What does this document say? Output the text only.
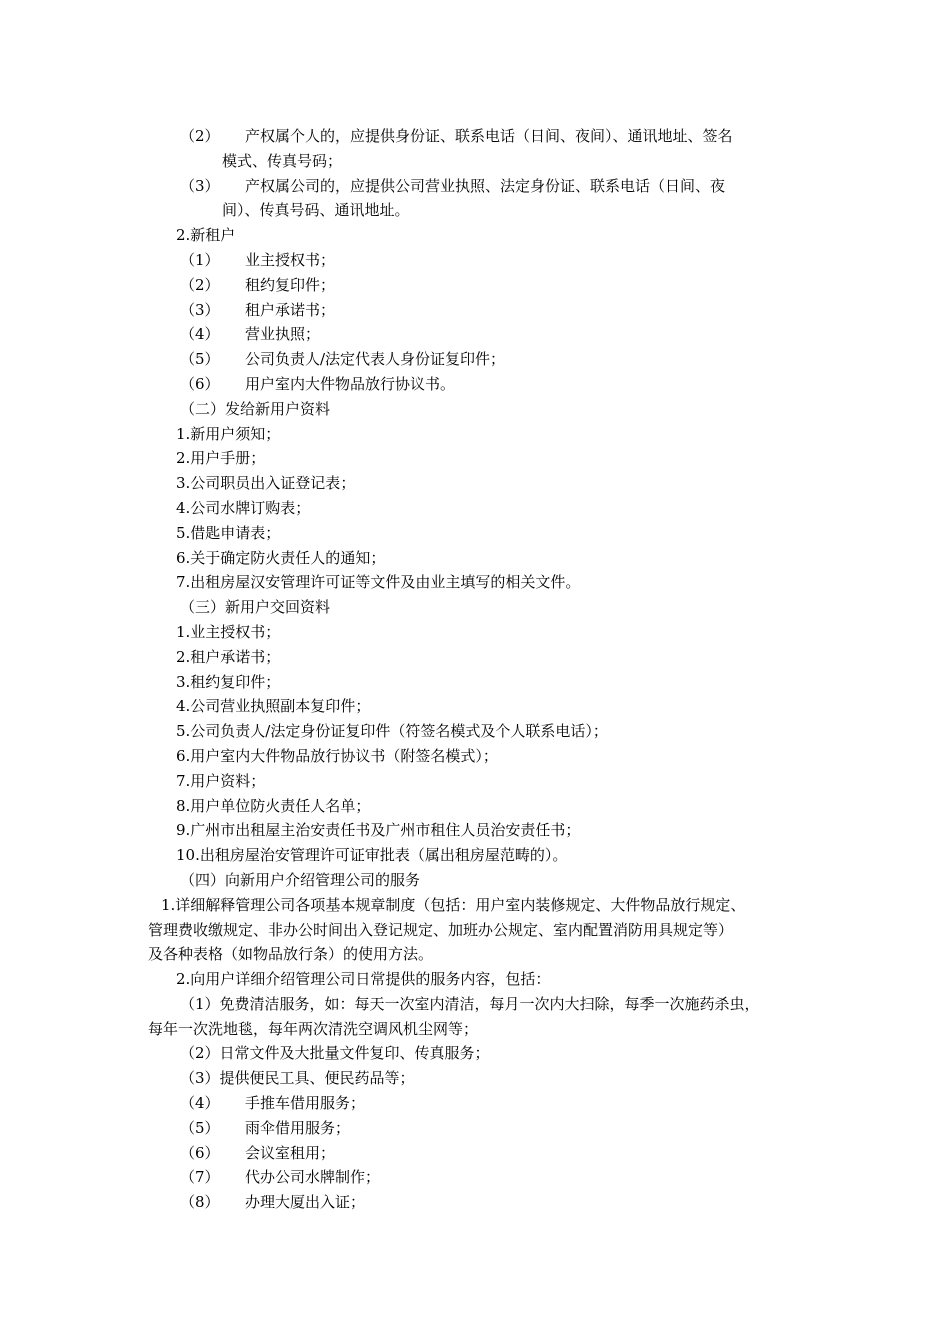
（2） 产权属个人的，应提供身份证、联系电话（日间、夜间）、通讯地址、签名
模式、传真号码；
（3） 产权属公司的，应提供公司营业执照、法定身份证、联系电话（日间、夜
间）、传真号码、通讯地址。
2.新租户
（1） 业主授权书；
（2） 租约复印件；
（3） 租户承诺书；
（4） 营业执照；
（5） 公司负责人/法定代表人身份证复印件；
（6） 用户室内大件物品放行协议书。
（二）发给新用户资料
1.新用户须知；
2.用户手册；
3.公司职员出入证登记表；
4.公司水牌订购表；
5.借匙申请表；
6.关于确定防火责任人的通知；
7.出租房屋汉安管理许可证等文件及由业主填写的相关文件。
（三）新用户交回资料
1.业主授权书；
2.租户承诺书；
3.租约复印件；
4.公司营业执照副本复印件；
5.公司负责人/法定身份证复印件（符签名模式及个人联系电话）；
6.用户室内大件物品放行协议书（附签名模式）；
7.用户资料；
8.用户单位防火责任人名单；
9.广州市出租屋主治安责任书及广州市租住人员治安责任书；
10.出租房屋治安管理许可证审批表（属出租房屋范畴的）。
（四）向新用户介绍管理公司的服务
1.详细解释管理公司各项基本规章制度（包括：用户室内装修规定、大件物品放行规定、
管理费收缴规定、非办公时间出入登记规定、加班办公规定、室内配置消防用具规定等）
及各种表格（如物品放行条）的使用方法。
2.向用户详细介绍管理公司日常提供的服务内容，包括：
（1）免费清洁服务，如：每天一次室内清洁，每月一次内大扫除，每季一次施药杀虫，
每年一次洗地毯，每年两次清洗空调风机尘网等；
（2）日常文件及大批量文件复印、传真服务；
（3）提供便民工具、便民药品等；
（4） 手推车借用服务；
（5） 雨伞借用服务；
（6） 会议室租用；
（7） 代办公司水牌制作；
（8） 办理大厦出入证；
